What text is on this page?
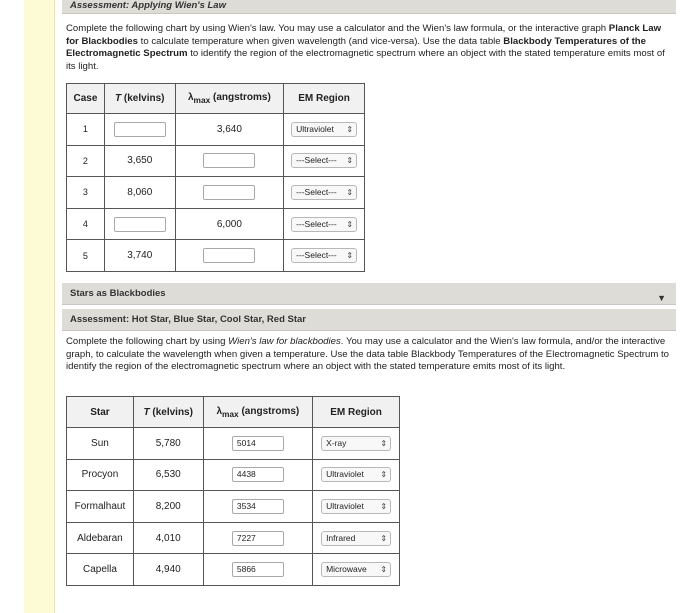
Assessment: Applying Wien's Law
Complete the following chart by using Wien's law. You may use a calculator and the Wien's law formula, or the interactive graph Planck Law for Blackbodies to calculate temperature when given wavelength (and vice-versa). Use the data table Blackbody Temperatures of the Electromagnetic Spectrum to identify the region of the electromagnetic spectrum where an object with the stated temperature emits most of its light.
Case	T (kelvins)	$\lambda_{max}$ (angstroms)	EM Region
1		3,640	Ultraviolet ⇕

2	3,650		---Select--- ⇕

3	8,060		---Select--- ⇕

4		6,000	---Select--- ⇕

5	3,740		---Select--- ⇕
Stars as Blackbodies	▼
Assessment: Hot Star, Blue Star, Cool Star, Red Star
Complete the following chart by using Wien's law for blackbodies. You may use a calculator and the Wien's law formula, and/or the interactive graph, to calculate the wavelength when given a temperature. Use the data table Blackbody Temperatures of the Electromagnetic Spectrum to identify the region of the electromagnetic spectrum where an object with the stated temperature emits most of its light.
Star	T (kelvins)	$\lambda_{max}$ (angstroms)	EM Region
Sun	5,780	5014	X-ray ⇕

Procyon	6,530	4438	Ultraviolet ⇕

Formalhaut	8,200	3534	Ultraviolet ⇕

Aldebaran	4,010	7227	Infrared ⇕

Capella	4,940	5866	Microwave ⇕
